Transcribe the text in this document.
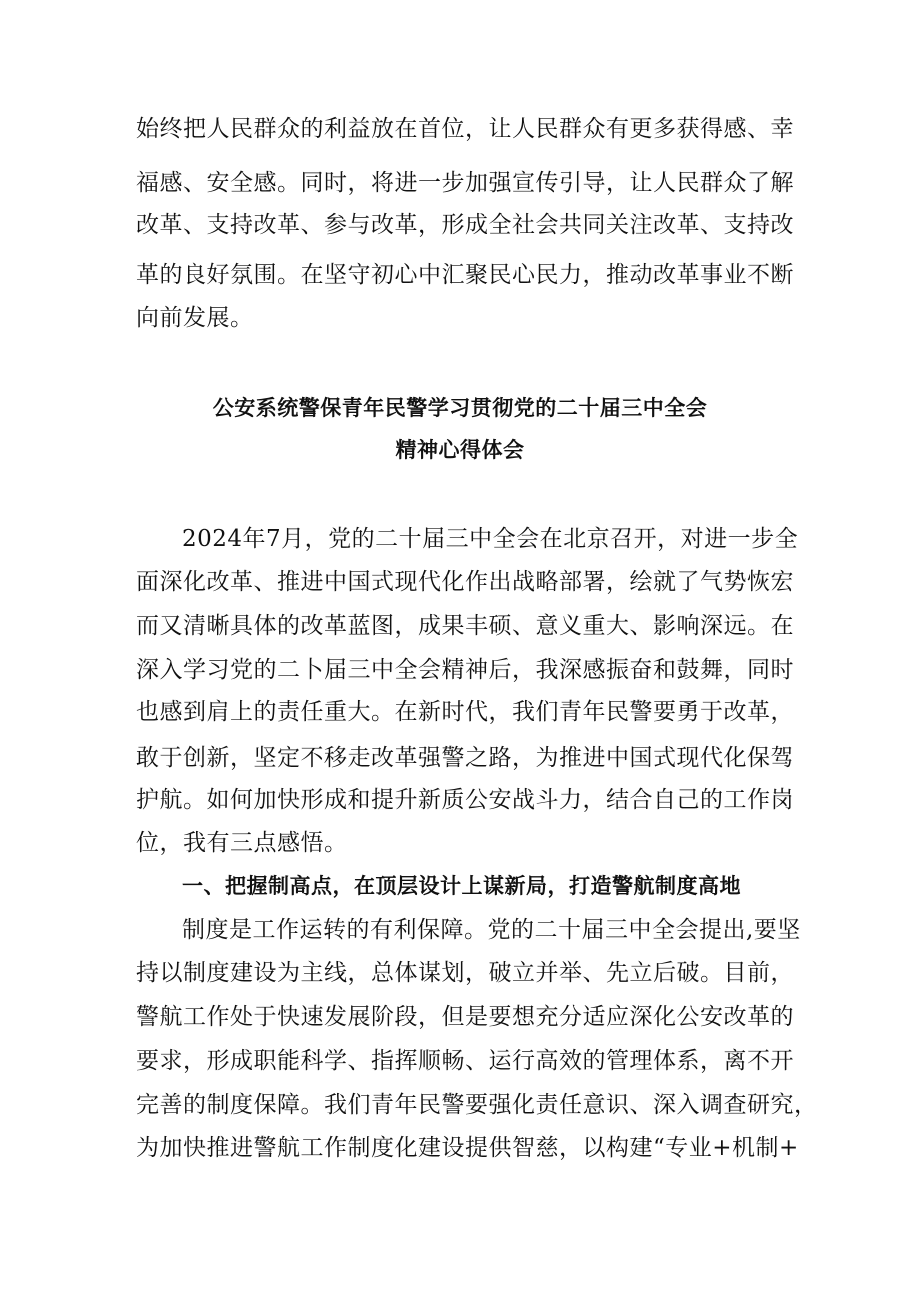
始终把人民群众的利益放在首位，让人民群众有更多获得感、幸
福感、安全感。同时，将进一步加强宣传引导，让人民群众了解
改革、支持改革、参与改革，形成全社会共同关注改革、支持改
革的良好氛围。在坚守初心中汇聚民心民力，推动改革事业不断
向前发展。
公安系统警保青年民警学习贯彻党的二十届三中全会
精神心得体会
2024年7月，党的二十届三中全会在北京召开，对进一步全
面深化改革、推进中国式现代化作出战略部署，绘就了气势恢宏
而又清晰具体的改革蓝图，成果丰硕、意义重大、影响深远。在
深入学习党的二卜届三中全会精神后，我深感振奋和鼓舞，同时
也感到肩上的责任重大。在新时代，我们青年民警要勇于改革，
敢于创新，坚定不移走改革强警之路，为推进中国式现代化保驾
护航。如何加快形成和提升新质公安战斗力，结合自己的工作岗
位，我有三点感悟。
一、把握制高点，在顶层设计上谋新局，打造警航制度高地
制度是工作运转的有利保障。党的二十届三中全会提出,要坚
持以制度建设为主线，总体谋划，破立并举、先立后破。目前，
警航工作处于快速发展阶段，但是要想充分适应深化公安改革的
要求，形成职能科学、指挥顺畅、运行高效的管理体系，离不开
完善的制度保障。我们青年民警要强化责任意识、深入调查研究，
为加快推进警航工作制度化建设提供智慈，以构建“专业+机制+
